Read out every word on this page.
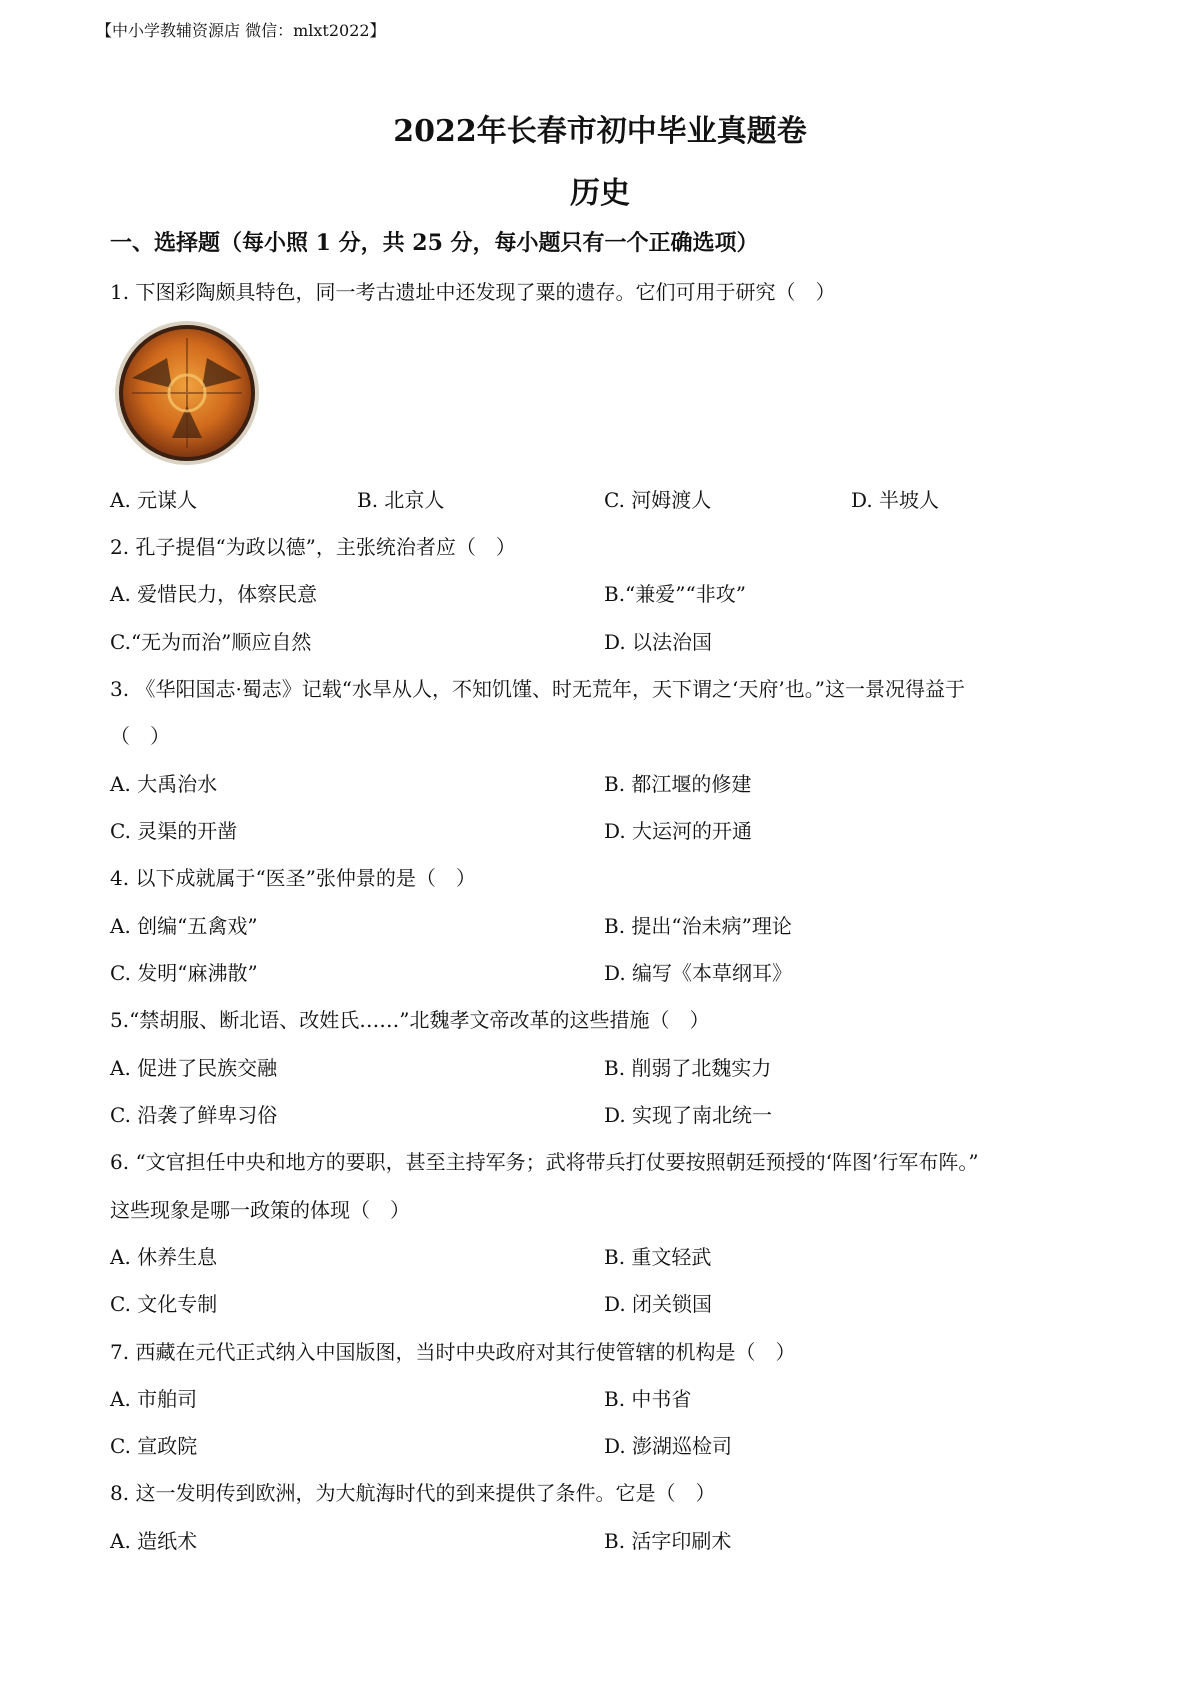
【中小学教辅资源店 微信：mlxt2022】
2022年长春市初中毕业真题卷
历史
一、选择题（每小照 1 分，共 25 分，每小题只有一个正确选项）
1. 下图彩陶颇具特色，同一考古遗址中还发现了粟的遗存。它们可用于研究（　）
A. 元谋人	B. 北京人	C. 河姆渡人	D. 半坡人
2. 孔子提倡“为政以德”，主张统治者应（　）
A. 爱惜民力，体察民意	B.“兼爱”“非攻”
C.“无为而治”顺应自然	D. 以法治国
3. 《华阳国志·蜀志》记载“水旱从人，不知饥馑、时无荒年，天下谓之‘天府’也。”这一景况得益于
（　）
A. 大禹治水	B. 都江堰的修建
C. 灵渠的开凿	D. 大运河的开通
4. 以下成就属于“医圣”张仲景的是（　）
A. 创编“五禽戏”	B. 提出“治未病”理论
C. 发明“麻沸散”	D. 编写《本草纲耳》
5.“禁胡服、断北语、改姓氏……”北魏孝文帝改革的这些措施（　）
A. 促进了民族交融	B. 削弱了北魏实力
C. 沿袭了鲜卑习俗	D. 实现了南北统一
6. “文官担任中央和地方的要职，甚至主持军务；武将带兵打仗要按照朝廷预授的‘阵图’行军布阵。”
这些现象是哪一政策的体现（　）
A. 休养生息	B. 重文轻武
C. 文化专制	D. 闭关锁国
7. 西藏在元代正式纳入中国版图，当时中央政府对其行使管辖的机构是（　）
A. 市舶司	B. 中书省
C. 宣政院	D. 澎湖巡检司
8. 这一发明传到欧洲，为大航海时代的到来提供了条件。它是（　）
A. 造纸术	B. 活字印刷术
